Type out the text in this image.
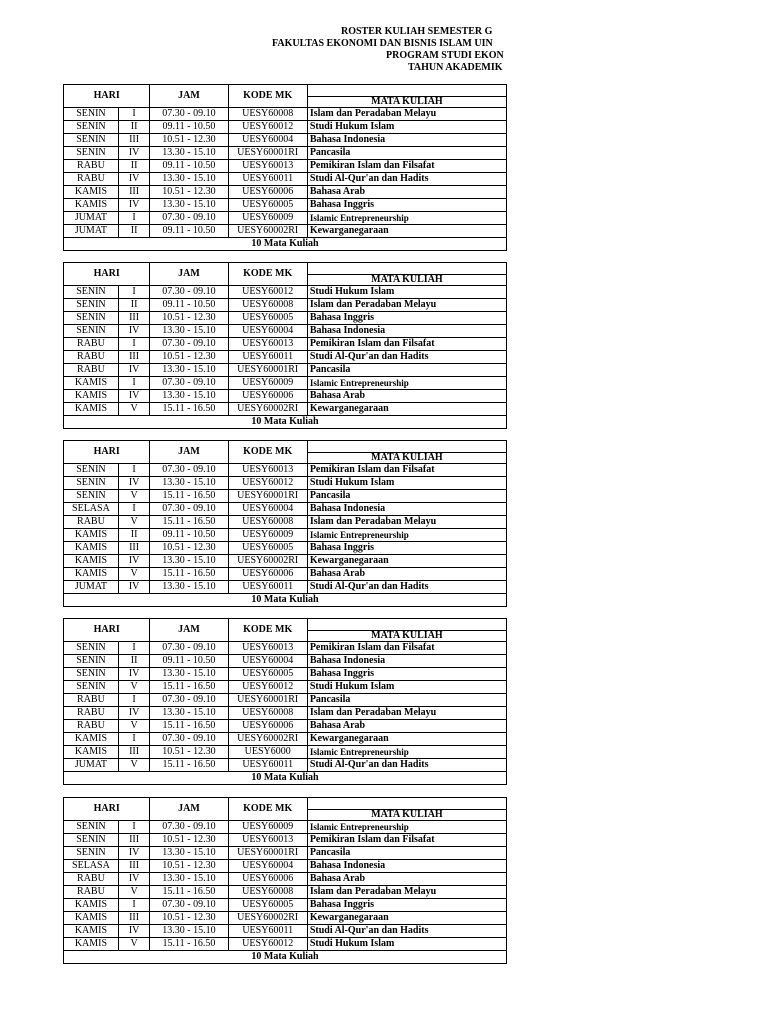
ROSTER KULIAH SEMESTER G
FAKULTAS EKONOMI DAN BISNIS ISLAM UIN
PROGRAM STUDI EKON
TAHUN AKADEMIK
HARI		JAM	KODE MK	MATA KULIAH

SENIN	I	07.30 - 09.10	UESY60008	Islam dan Peradaban Melayu
SENIN	II	09.11 - 10.50	UESY60012	Studi Hukum Islam
SENIN	III	10.51 - 12.30	UESY60004	Bahasa Indonesia
SENIN	IV	13.30 - 15.10	UESY60001RI	Pancasila
RABU	II	09.11 - 10.50	UESY60013	Pemikiran Islam dan Filsafat
RABU	IV	13.30 - 15.10	UESY60011	Studi Al-Qur'an dan Hadits
KAMIS	III	10.51 - 12.30	UESY60006	Bahasa Arab
KAMIS	IV	13.30 - 15.10	UESY60005	Bahasa Inggris
JUMAT	I	07.30 - 09.10	UESY60009	Islamic Entrepreneurship
JUMAT	II	09.11 - 10.50	UESY60002RI	Kewarganegaraan
10 Mata Kuliah				
HARI		JAM	KODE MK	MATA KULIAH

SENIN	I	07.30 - 09.10	UESY60012	Studi Hukum Islam
SENIN	II	09.11 - 10.50	UESY60008	Islam dan Peradaban Melayu
SENIN	III	10.51 - 12.30	UESY60005	Bahasa Inggris
SENIN	IV	13.30 - 15.10	UESY60004	Bahasa Indonesia
RABU	I	07.30 - 09.10	UESY60013	Pemikiran Islam dan Filsafat
RABU	III	10.51 - 12.30	UESY60011	Studi Al-Qur'an dan Hadits
RABU	IV	13.30 - 15.10	UESY60001RI	Pancasila
KAMIS	I	07.30 - 09.10	UESY60009	Islamic Entrepreneurship
KAMIS	IV	13.30 - 15.10	UESY60006	Bahasa Arab
KAMIS	V	15.11 - 16.50	UESY60002RI	Kewarganegaraan
10 Mata Kuliah				
HARI		JAM	KODE MK	MATA KULIAH

SENIN	I	07.30 - 09.10	UESY60013	Pemikiran Islam dan Filsafat
SENIN	IV	13.30 - 15.10	UESY60012	Studi Hukum Islam
SENIN	V	15.11 - 16.50	UESY60001RI	Pancasila
SELASA	I	07.30 - 09.10	UESY60004	Bahasa Indonesia
RABU	V	15.11 - 16.50	UESY60008	Islam dan Peradaban Melayu
KAMIS	II	09.11 - 10.50	UESY60009	Islamic Entrepreneurship
KAMIS	III	10.51 - 12.30	UESY60005	Bahasa Inggris
KAMIS	IV	13.30 - 15.10	UESY60002RI	Kewarganegaraan
KAMIS	V	15.11 - 16.50	UESY60006	Bahasa Arab
JUMAT	IV	13.30 - 15.10	UESY60011	Studi Al-Qur'an dan Hadits
10 Mata Kuliah				
HARI		JAM	KODE MK	MATA KULIAH

SENIN	I	07.30 - 09.10	UESY60013	Pemikiran Islam dan Filsafat
SENIN	II	09.11 - 10.50	UESY60004	Bahasa Indonesia
SENIN	IV	13.30 - 15.10	UESY60005	Bahasa Inggris
SENIN	V	15.11 - 16.50	UESY60012	Studi Hukum Islam
RABU	I	07.30 - 09.10	UESY60001RI	Pancasila
RABU	IV	13.30 - 15.10	UESY60008	Islam dan Peradaban Melayu
RABU	V	15.11 - 16.50	UESY60006	Bahasa Arab
KAMIS	I	07.30 - 09.10	UESY60002RI	Kewarganegaraan
KAMIS	III	10.51 - 12.30	UESY6000	Islamic Entrepreneurship
JUMAT	V	15.11 - 16.50	UESY60011	Studi Al-Qur'an dan Hadits
10 Mata Kuliah				
HARI		JAM	KODE MK	MATA KULIAH

SENIN	I	07.30 - 09.10	UESY60009	Islamic Entrepreneurship
SENIN	III	10.51 - 12.30	UESY60013	Pemikiran Islam dan Filsafat
SENIN	IV	13.30 - 15.10	UESY60001RI	Pancasila
SELASA	III	10.51 - 12.30	UESY60004	Bahasa Indonesia
RABU	IV	13.30 - 15.10	UESY60006	Bahasa Arab
RABU	V	15.11 - 16.50	UESY60008	Islam dan Peradaban Melayu
KAMIS	I	07.30 - 09.10	UESY60005	Bahasa Inggris
KAMIS	III	10.51 - 12.30	UESY60002RI	Kewarganegaraan
KAMIS	IV	13.30 - 15.10	UESY60011	Studi Al-Qur'an dan Hadits
KAMIS	V	15.11 - 16.50	UESY60012	Studi Hukum Islam
10 Mata Kuliah				
